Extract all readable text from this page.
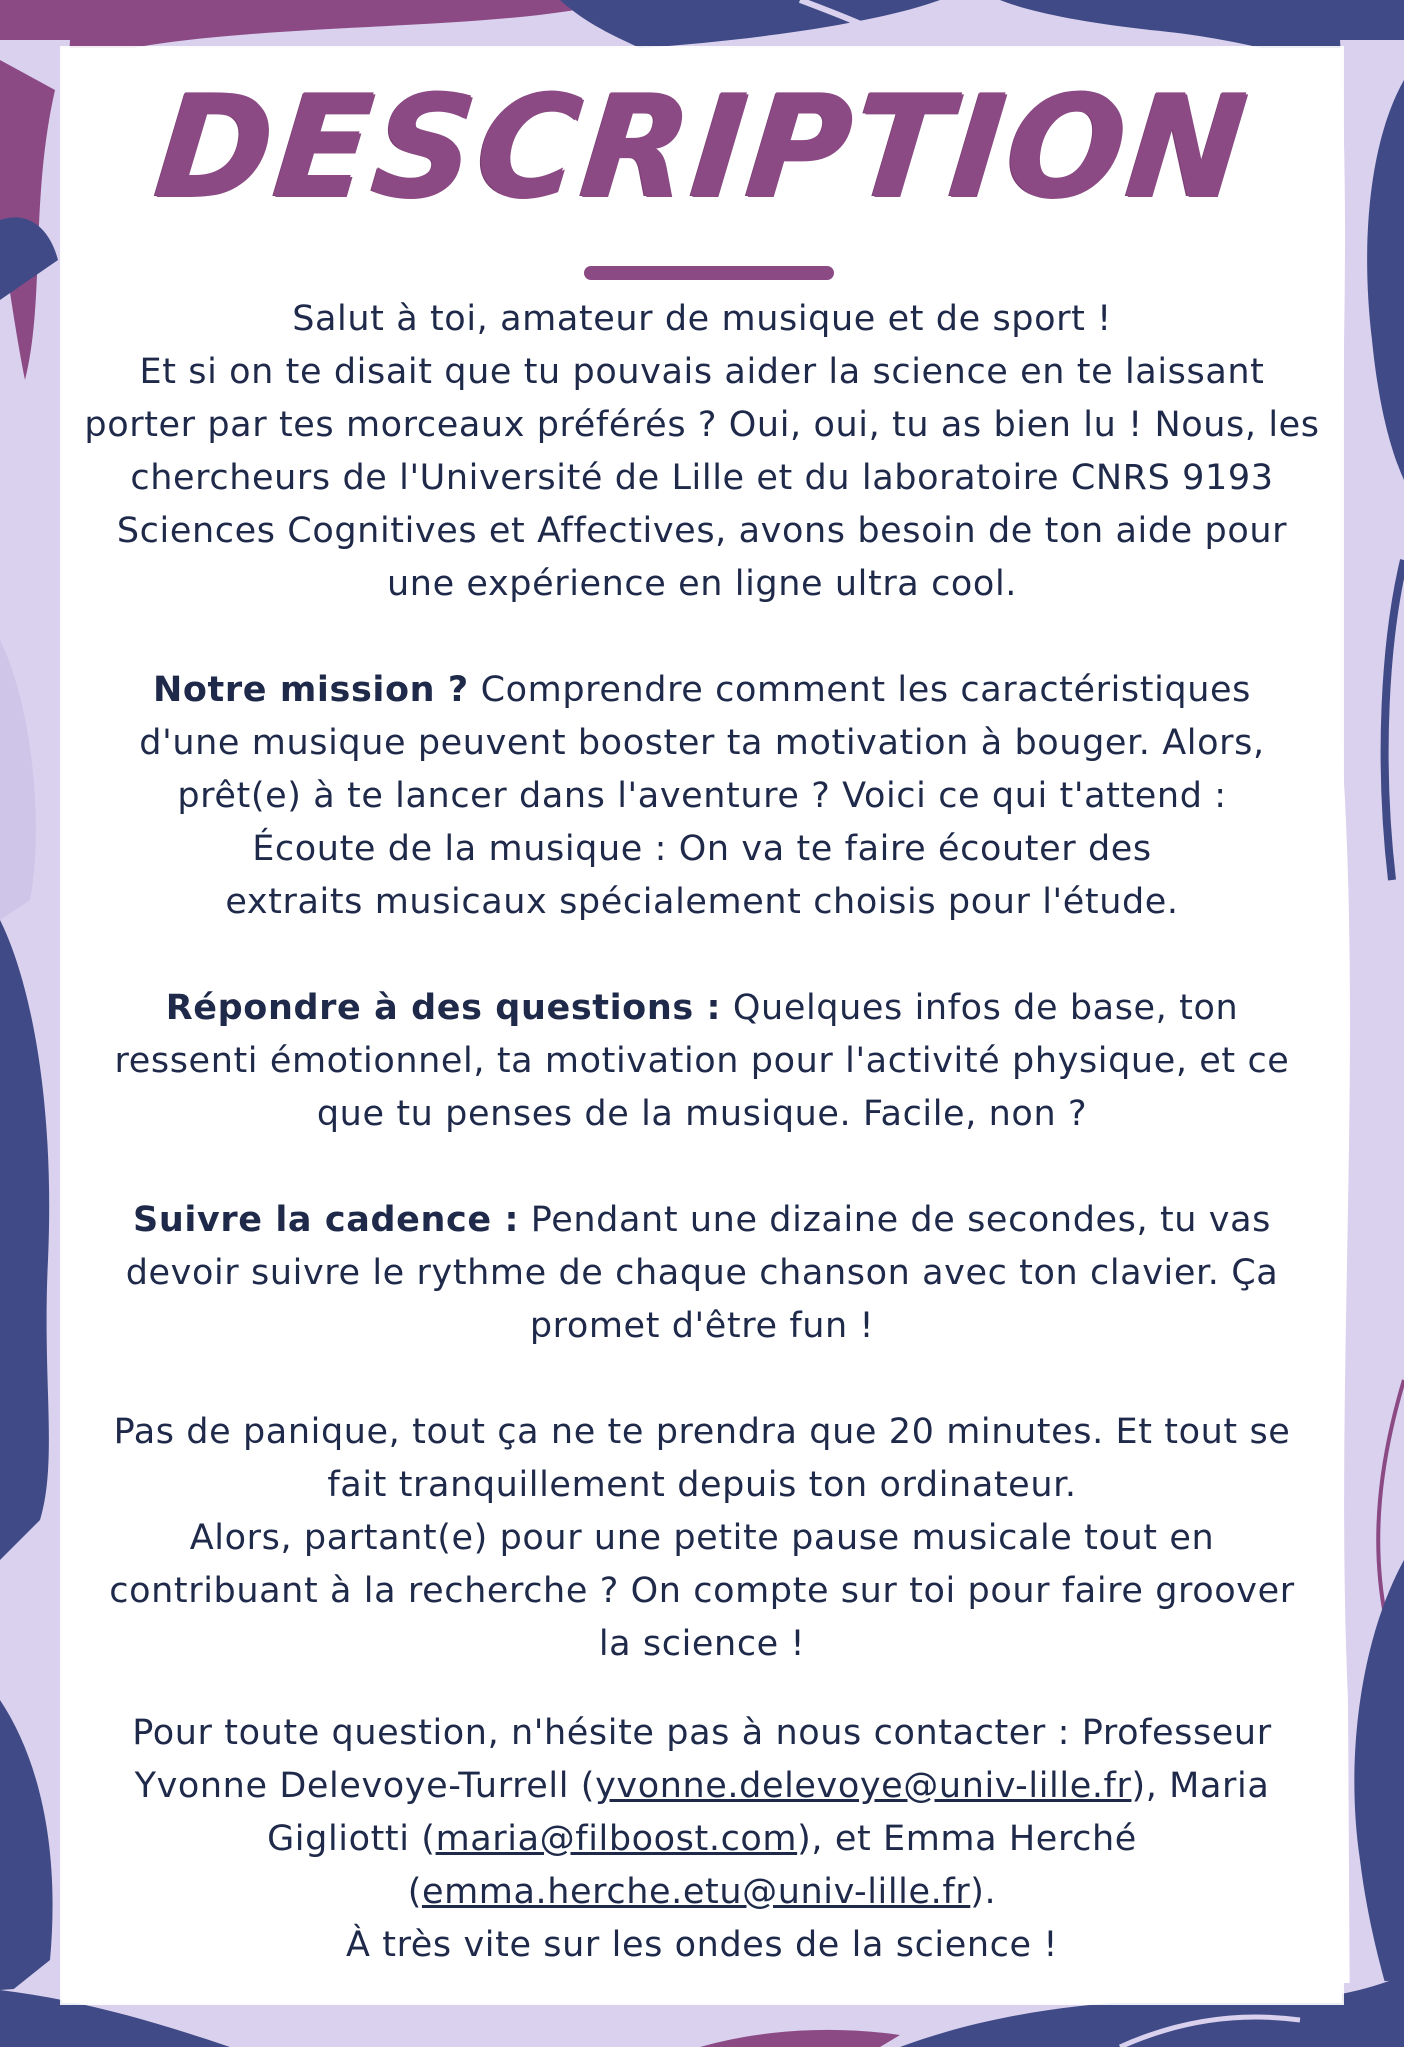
DESCRIPTION

Salut à toi, amateur de musique et de sport !

Et si on te disait que tu pouvais aider la science en te laissant porter par tes morceaux préférés ? Oui, oui, tu as bien lu ! Nous, les chercheurs de l'Université de Lille et du laboratoire CNRS 9193 Sciences Cognitives et Affectives, avons besoin de ton aide pour une expérience en ligne ultra cool.

Notre mission ? Comprendre comment les caractéristiques d'une musique peuvent booster ta motivation à bouger. Alors, prêt(e) à te lancer dans l'aventure ? Voici ce qui t'attend :

Écoute de la musique : On va te faire écouter des extraits musicaux spécialement choisis pour l'étude.

Répondre à des questions : Quelques infos de base, ton ressenti émotionnel, ta motivation pour l'activité physique, et ce que tu penses de la musique. Facile, non ?

Suivre la cadence : Pendant une dizaine de secondes, tu vas devoir suivre le rythme de chaque chanson avec ton clavier. Ça promet d'être fun !

Pas de panique, tout ça ne te prendra que 20 minutes. Et tout se fait tranquillement depuis ton ordinateur.

Alors, partant(e) pour une petite pause musicale tout en contribuant à la recherche ? On compte sur toi pour faire groover la science !

Pour toute question, n'hésite pas à nous contacter : Professeur Yvonne Delevoye-Turrell (yvonne.delevoye@univ-lille.fr), Maria Gigliotti (maria@filboost.com), et Emma Herché (emma.herche.etu@univ-lille.fr).

À très vite sur les ondes de la science !
